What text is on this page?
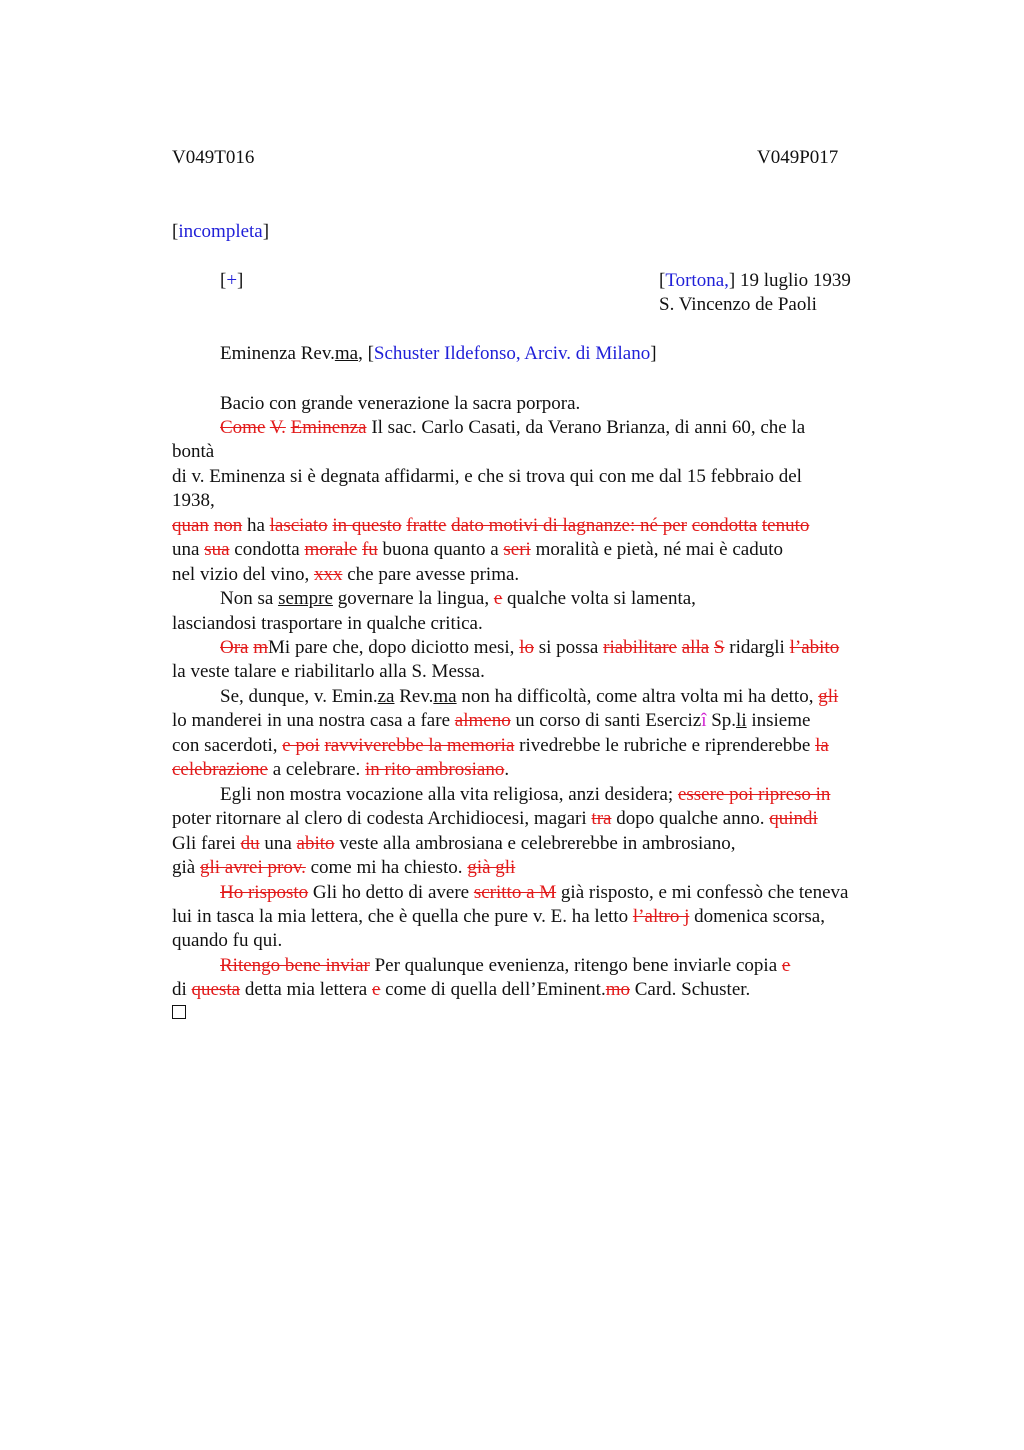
V049T016	V049P017
[incompleta]
[+]	[Tortona,] 19 luglio 1939
S. Vincenzo de Paoli
Eminenza Rev.ma, [Schuster Ildefonso, Arciv. di Milano]
Bacio con grande venerazione la sacra porpora.
Come V. Eminenza Il sac. Carlo Casati, da Verano Brianza, di anni 60, che la
bontà
di v. Eminenza si è degnata affidarmi, e che si trova qui con me dal 15 febbraio del
1938,
quan non ha lasciato in questo fratte dato motivi di lagnanze: né per condotta tenuto
una sua condotta morale fu buona quanto a seri moralità e pietà, né mai è caduto
nel vizio del vino, xxx che pare avesse prima.
Non sa sempre governare la lingua, e qualche volta si lamenta,
lasciandosi trasportare in qualche critica.
Ora mMi pare che, dopo diciotto mesi, lo si possa riabilitare alla S ridargli l’abito
la veste talare e riabilitarlo alla S. Messa.
Se, dunque, v. Emin.za Rev.ma non ha difficoltà, come altra volta mi ha detto, gli
lo manderei in una nostra casa a fare almeno un corso di santi Esercizî Sp.li insieme
con sacerdoti, e poi ravviverebbe la memoria rivedrebbe le rubriche e riprenderebbe la
celebrazione a celebrare. in rito ambrosiano.
Egli non mostra vocazione alla vita religiosa, anzi desidera; essere poi ripreso in
poter ritornare al clero di codesta Archidiocesi, magari tra dopo qualche anno. quindi
Gli farei du una abito veste alla ambrosiana e celebrerebbe in ambrosiano,
già gli avrei prov. come mi ha chiesto. già gli
Ho risposto Gli ho detto di avere scritto a M già risposto, e mi confessò che teneva
lui in tasca la mia lettera, che è quella che pure v. E. ha letto l’altro j domenica scorsa,
quando fu qui.
Ritengo bene inviar Per qualunque evenienza, ritengo bene inviarle copia e
di questa detta mia lettera e come di quella dell’Eminent.mo Card. Schuster.
